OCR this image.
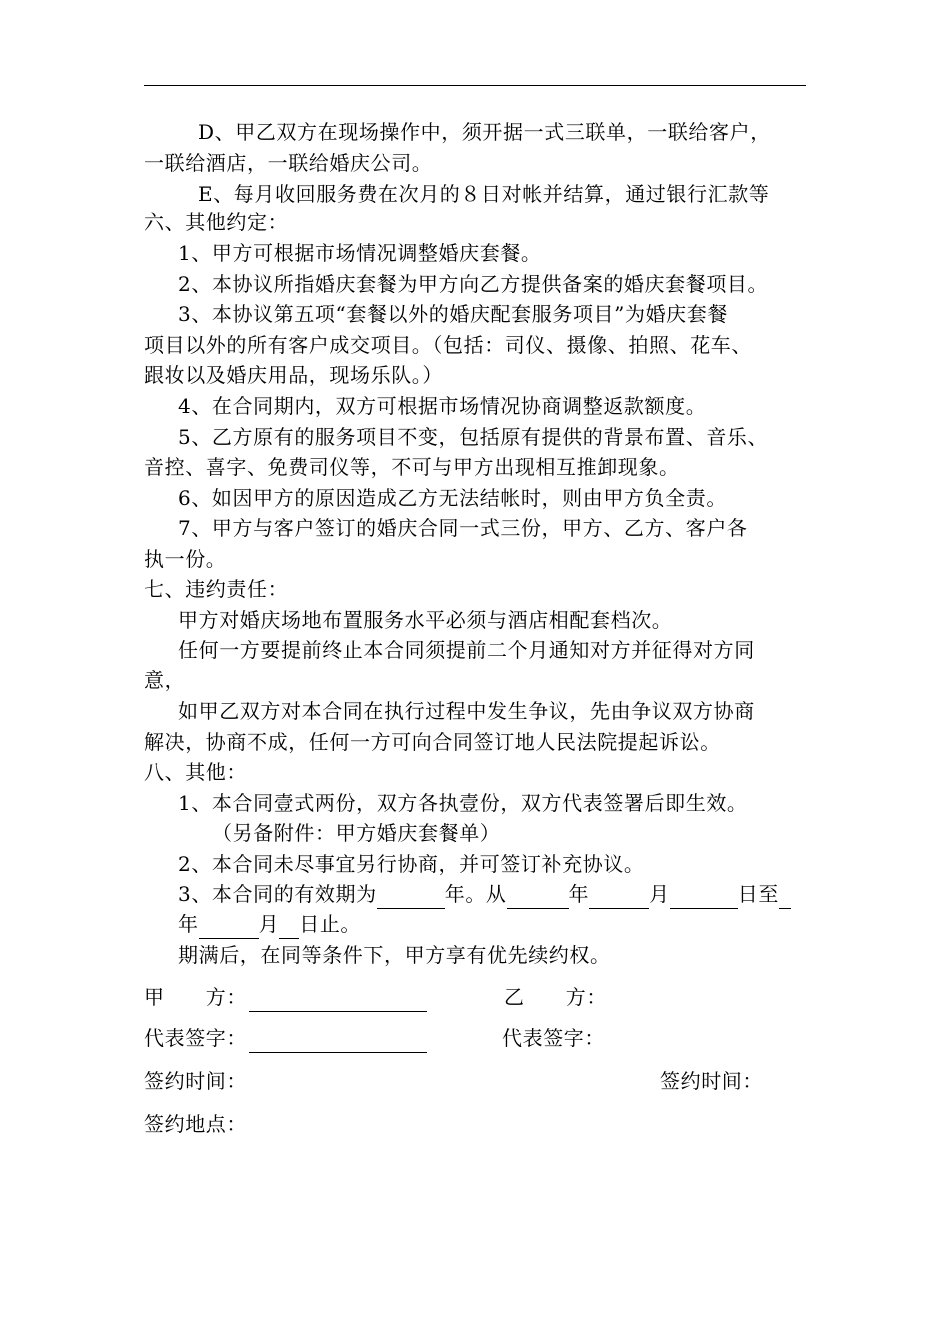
D、甲乙双方在现场操作中，须开据一式三联单，一联给客户，
一联给酒店，一联给婚庆公司。
E、每月收回服务费在次月的８日对帐并结算，通过银行汇款等
六、其他约定：
1、甲方可根据市场情况调整婚庆套餐。
2、本协议所指婚庆套餐为甲方向乙方提供备案的婚庆套餐项目。
3、本协议第五项“套餐以外的婚庆配套服务项目”为婚庆套餐
项目以外的所有客户成交项目。（包括：司仪、摄像、拍照、花车、
跟妆以及婚庆用品，现场乐队。）
4、在合同期内，双方可根据市场情况协商调整返款额度。
5、乙方原有的服务项目不变，包括原有提供的背景布置、音乐、
音控、喜字、免费司仪等，不可与甲方出现相互推卸现象。
6、如因甲方的原因造成乙方无法结帐时，则由甲方负全责。
7、甲方与客户签订的婚庆合同一式三份，甲方、乙方、客户各
执一份。
七、违约责任：
甲方对婚庆场地布置服务水平必须与酒店相配套档次。
任何一方要提前终止本合同须提前二个月通知对方并征得对方同
意，
如甲乙双方对本合同在执行过程中发生争议，先由争议双方协商
解决，协商不成，任何一方可向合同签订地人民法院提起诉讼。
八、其他：
1、本合同壹式两份，双方各执壹份，双方代表签署后即生效。
（另备附件：甲方婚庆套餐单）
2、本合同未尽事宜另行协商，并可签订补充协议。
3、本合同的有效期为	年。从	年	月	日至
年	月 日止。
期满后，在同等条件下，甲方享有优先续约权。
甲　　方：	乙　　方：
代表签字：	代表签字：
签约时间：	签约时间：
签约地点：
